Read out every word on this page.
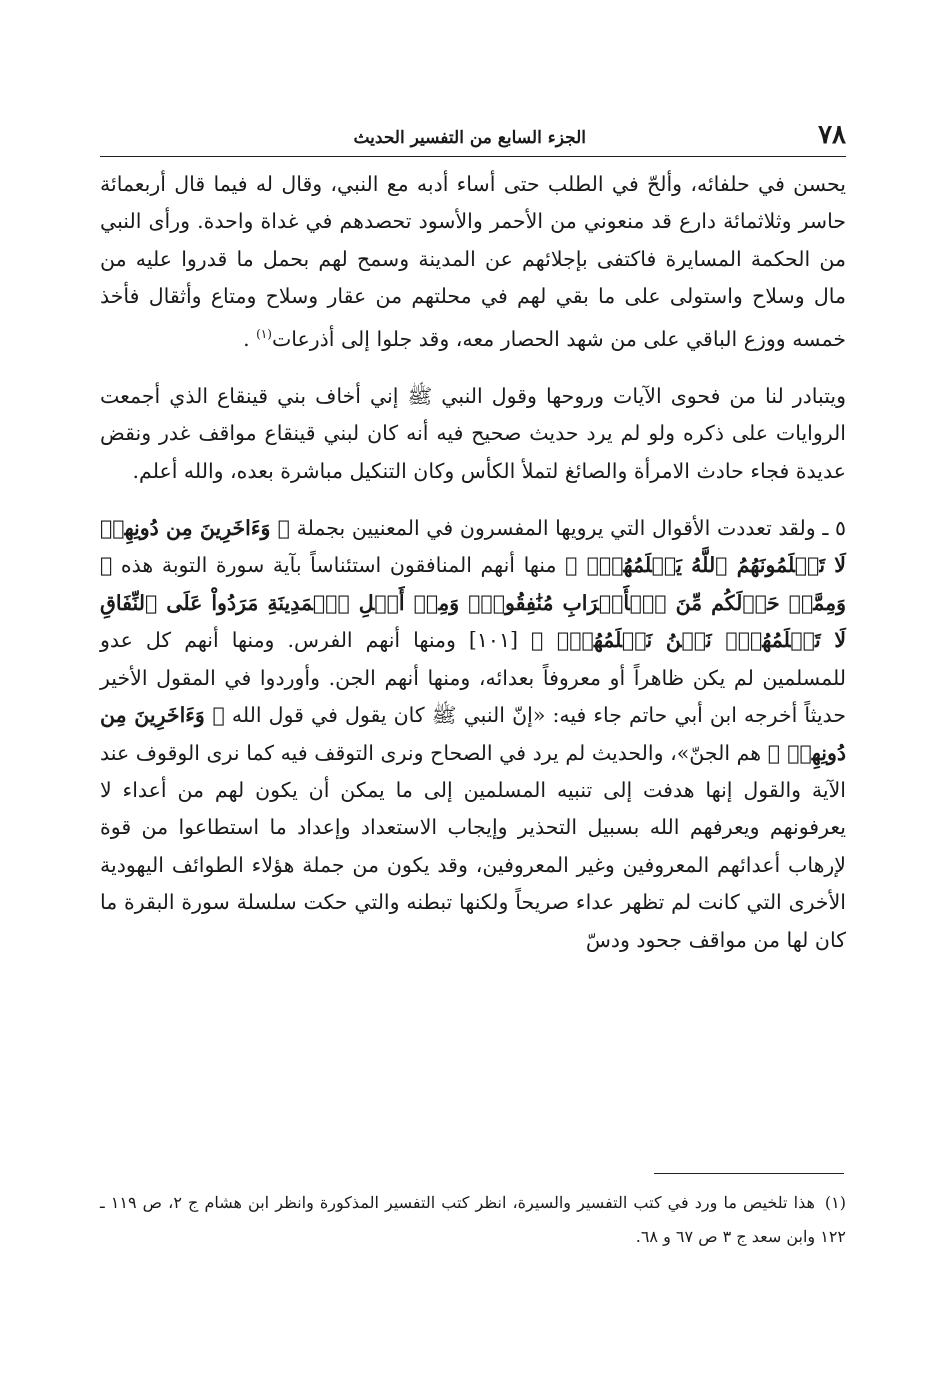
٧٨
الجزء السابع من التفسير الحديث

يحسن في حلفائه، وألحّ في الطلب حتى أساء أدبه مع النبي، وقال له فيما قال أربعمائة حاسر وثلاثمائة دارع قد منعوني من الأحمر والأسود تحصدهم في غداة واحدة. ورأى النبي من الحكمة المسايرة فاكتفى بإجلائهم عن المدينة وسمح لهم بحمل ما قدروا عليه من مال وسلاح واستولى على ما بقي لهم في محلتهم من عقار وسلاح ومتاع وأثقال فأخذ خمسه ووزع الباقي على من شهد الحصار معه، وقد جلوا إلى أذرعات$^{(١)}$ .

ويتبادر لنا من فحوى الآيات وروحها وقول النبي ﷺ إني أخاف بني قينقاع الذي أجمعت الروايات على ذكره ولو لم يرد حديث صحيح فيه أنه كان لبني قينقاع مواقف غدر ونقض عديدة فجاء حادث الامرأة والصائغ لتملأ الكأس وكان التنكيل مباشرة بعده، والله أعلم.

٥ ـ ولقد تعددت الأقوال التي يرويها المفسرون في المعنيين بجملة ﴿ وَءَاخَرِينَ مِن دُونِهِمۡ لَا تَعۡلَمُونَهُمُ ٱللَّهُ يَعۡلَمُهُمۡۚ ﴾ منها أنهم المنافقون استئناساً بآية سورة التوبة هذه ﴿ وَمِمَّنۡ حَوۡلَكُم مِّنَ ٱلۡأَعۡرَابِ مُنَٰفِقُونَۖ وَمِنۡ أَهۡلِ ٱلۡمَدِينَةِ مَرَدُواْ عَلَى ٱلنِّفَاقِ لَا تَعۡلَمُهُمۡۖ نَحۡنُ نَعۡلَمُهُمۡۚ ﴾ [١٠١] ومنها أنهم الفرس. ومنها أنهم كل عدو للمسلمين لم يكن ظاهراً أو معروفاً بعدائه، ومنها أنهم الجن. وأوردوا في المقول الأخير حديثاً أخرجه ابن أبي حاتم جاء فيه: «إنّ النبي ﷺ كان يقول في قول الله ﴿ وَءَاخَرِينَ مِن دُونِهِمۡ ﴾ هم الجنّ»، والحديث لم يرد في الصحاح ونرى التوقف فيه كما نرى الوقوف عند الآية والقول إنها هدفت إلى تنبيه المسلمين إلى ما يمكن أن يكون لهم من أعداء لا يعرفونهم ويعرفهم الله بسبيل التحذير وإيجاب الاستعداد وإعداد ما استطاعوا من قوة لإرهاب أعدائهم المعروفين وغير المعروفين، وقد يكون من جملة هؤلاء الطوائف اليهودية الأخرى التي كانت لم تظهر عداء صريحاً ولكنها تبطنه والتي حكت سلسلة سورة البقرة ما كان لها من مواقف جحود ودسّ

(١)هذا تلخيص ما ورد في كتب التفسير والسيرة، انظر كتب التفسير المذكورة وانظر ابن هشام ج ٢، ص ١١٩ ـ ١٢٢ وابن سعد ج ٣ ص ٦٧ و ٦٨.
